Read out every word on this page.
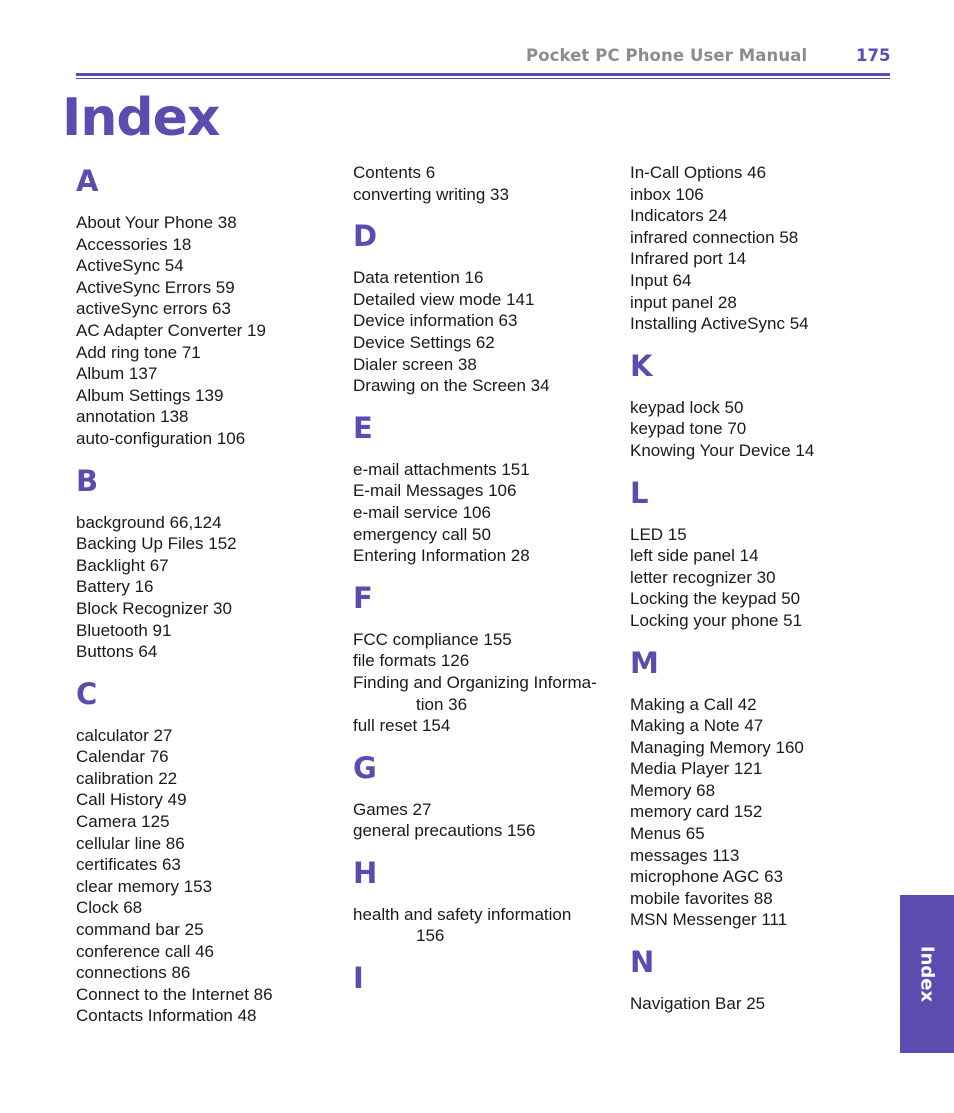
Pocket PC Phone User Manual	175
Index
A
About Your Phone 38
Accessories 18
ActiveSync 54
ActiveSync Errors 59
activeSync errors 63
AC Adapter Converter 19
Add ring tone 71
Album 137
Album Settings 139
annotation 138
auto-configuration 106
B
background 66,124
Backing Up Files 152
Backlight 67
Battery 16
Block Recognizer 30
Bluetooth 91
Buttons 64
C
calculator 27
Calendar 76
calibration 22
Call History 49
Camera 125
cellular line 86
certificates 63
clear memory 153
Clock 68
command bar 25
conference call 46
connections 86
Connect to the Internet 86
Contacts Information 48
Contents 6
converting writing 33
D
Data retention 16
Detailed view mode 141
Device information 63
Device Settings 62
Dialer screen 38
Drawing on the Screen 34
E
e-mail attachments 151
E-mail Messages 106
e-mail service 106
emergency call 50
Entering Information 28
F
FCC compliance 155
file formats 126
Finding and Organizing Informa-
tion 36
full reset 154
G
Games 27
general precautions 156
H
health and safety information
156
I
In-Call Options 46
inbox 106
Indicators 24
infrared connection 58
Infrared port 14
Input 64
input panel 28
Installing ActiveSync 54
K
keypad lock 50
keypad tone 70
Knowing Your Device 14
L
LED 15
left side panel 14
letter recognizer 30
Locking the keypad 50
Locking your phone 51
M
Making a Call 42
Making a Note 47
Managing Memory 160
Media Player 121
Memory 68
memory card 152
Menus 65
messages 113
microphone AGC 63
mobile favorites 88
MSN Messenger 111
N
Navigation Bar 25
Index
